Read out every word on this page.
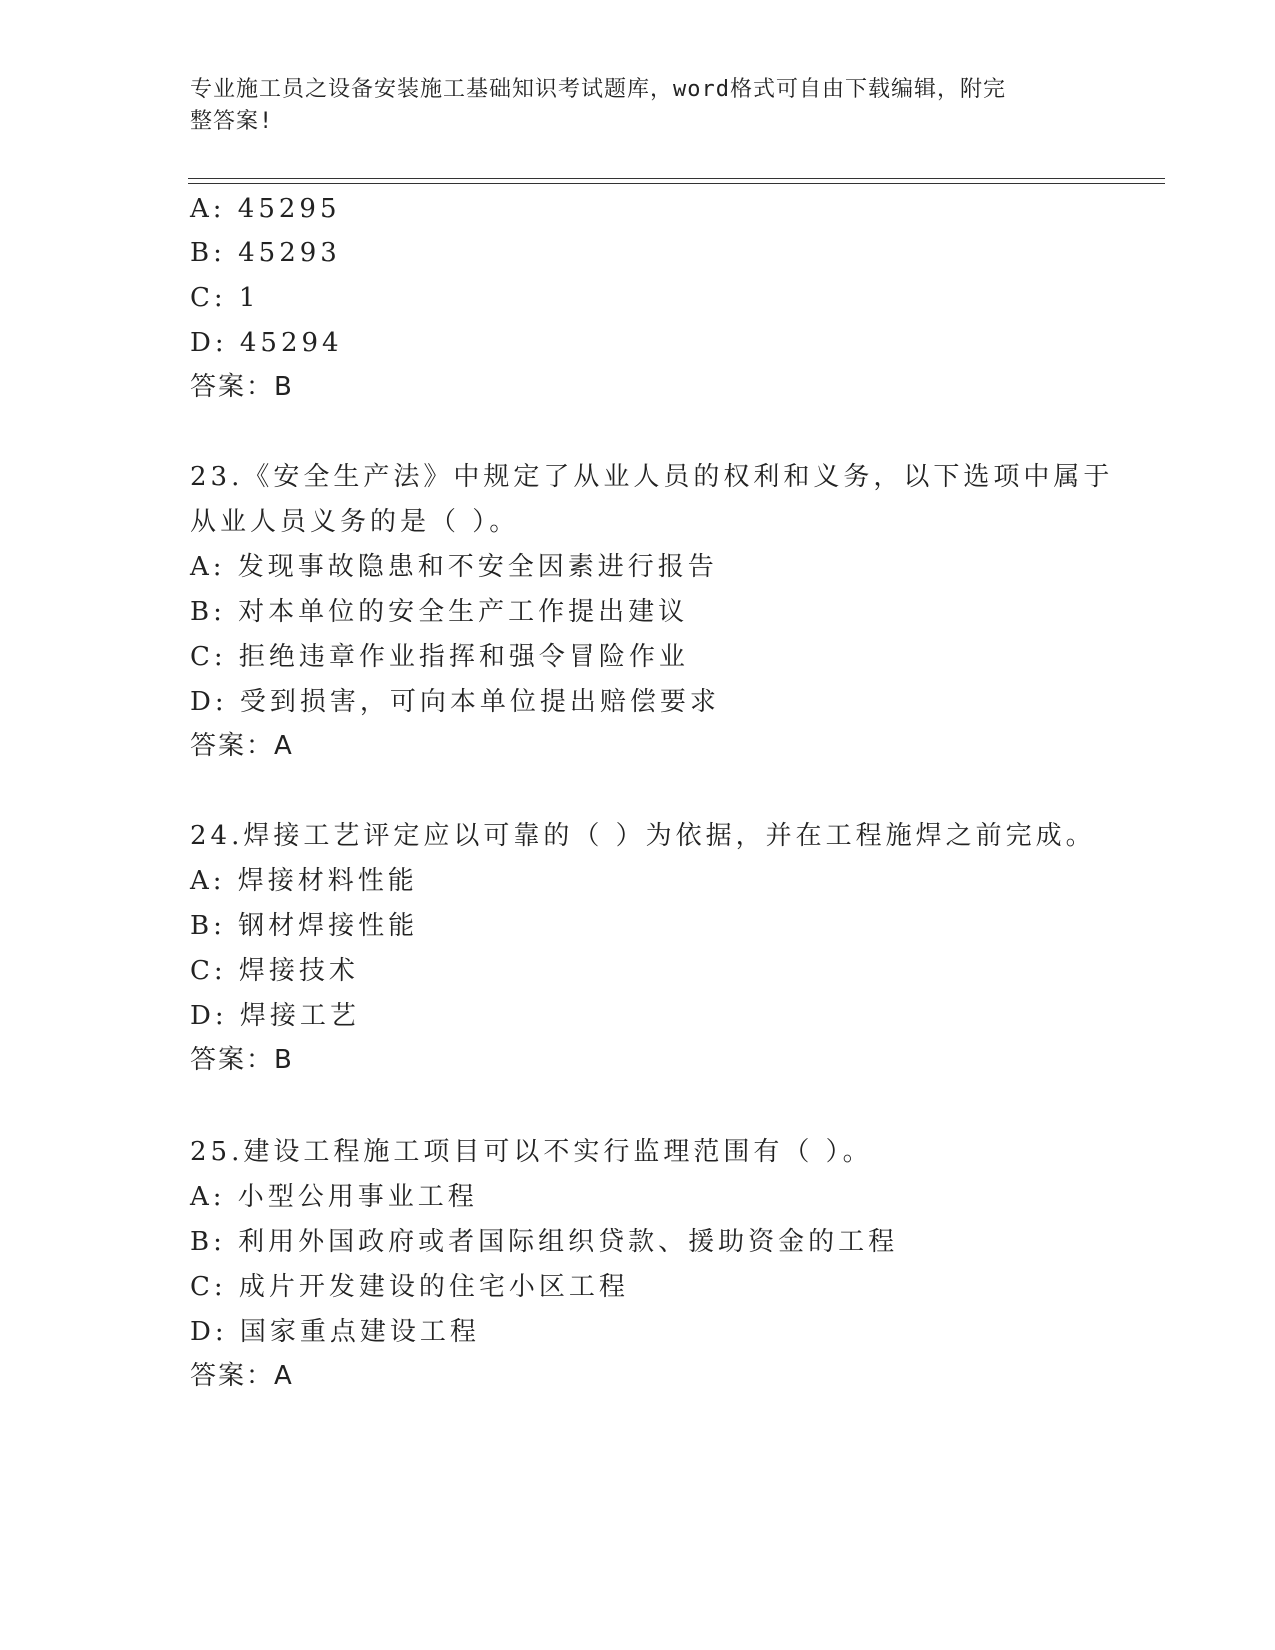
专业施工员之设备安装施工基础知识考试题库，word格式可自由下载编辑，附完
整答案!
A: 45295
B: 45293
C: 1
D: 45294
答案：B
23.《安全生产法》中规定了从业人员的权利和义务，以下选项中属于
从业人员义务的是（ ）。
A: 发现事故隐患和不安全因素进行报告
B: 对本单位的安全生产工作提出建议
C: 拒绝违章作业指挥和强令冒险作业
D: 受到损害，可向本单位提出赔偿要求
答案：A
24.焊接工艺评定应以可靠的（ ）为依据，并在工程施焊之前完成。
A: 焊接材料性能
B: 钢材焊接性能
C: 焊接技术
D: 焊接工艺
答案：B
25.建设工程施工项目可以不实行监理范围有（ ）。
A: 小型公用事业工程
B: 利用外国政府或者国际组织贷款、援助资金的工程
C: 成片开发建设的住宅小区工程
D: 国家重点建设工程
答案：A
